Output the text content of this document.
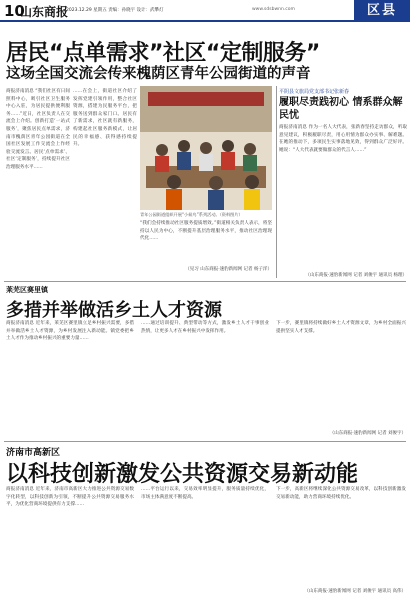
10
山东商报
2023.12.29 星期五 责编：孙晓宇 设计：武攀灯	www.sdsbwnn.com	区县
居民“点单需求”社区“定制服务”
这场全国交流会传来槐荫区青年公园街道的声音
商报济南消息 “我们社区有日间照料中心，吸引社区卫生服务中心入驻，为居民提供便利服务……”近日，社区负责人在交流会上介绍。创新打造‘一站式服务’，聚焦居民点单需求，济南市槐荫区青年公园街道在全国社区发展工作交流会上作经验交流发言。居民‘点单需求’、社区‘定制服务’，持续提升社区治理服务水平……
……在会上，街道社区介绍了发挥党建引领作用，整合社区资源，搭建为民服务平台，把服务送到群众家门口。居民有了新需求，社区就有新服务，构建起社区服务新模式，让居民的幸福感、获得感持续提升。
青年公园街道组织开展“小候鸟”系列活动。（资料图片）
“我们会持续推动社区服务提质增效。”街道相关负责人表示，将坚持以人民为中心，不断提升基层治理服务水平，推动社区治理现代化……
（见习 山东商报·速豹新闻网 记者 杨子洋）
平阴县文旅局党支部书记张新春
履职尽责践初心 情系群众解民忧
商报济南消息 作为一名人大代表，张新春坚持走访群众，听取意见建议，积极履职尽责，用心用情为群众办实事、解难题。在她的推动下，多项民生实事落地见效，得到群众广泛好评。她说：“人大代表就要做群众的代言人……”
（山东商报·速豹新闻网 记者 刘俊宇 通讯员 杨理）
莱芜区赛里镇
多措并举做活乡土人才资源
商报济南消息 近年来，莱芜区赛里镇立足乡村振兴需要，多措并举做活乡土人才资源，为乡村发展注入新动能。镇党委把乡土人才作为推动乡村振兴的重要力量……
……通过培训提升、典型带动等方式，激发乡土人才干事创业热情，让更多人才在乡村振兴中发挥作用。
下一步，赛里镇将持续做好乡土人才资源文章，为乡村全面振兴提供坚实人才支撑。
（山东商报·速豹新闻网 记者 刘俊宇）
济南市高新区
以科技创新激发公共资源交易新动能
商报济南消息 近年来，济南市高新区大力推进公共资源交易数字化转型，以科技创新为引领，不断提升公共资源交易服务水平，为优化营商环境提供有力支撑……
……平台运行以来，交易效率明显提升，服务质量持续优化，市场主体满意度不断提高。
下一步，高新区将继续深化公共资源交易改革，以科技创新激发交易新动能，助力营商环境持续优化。
（山东商报·速豹新闻网 记者 刘俊宇 通讯员 高伟）
